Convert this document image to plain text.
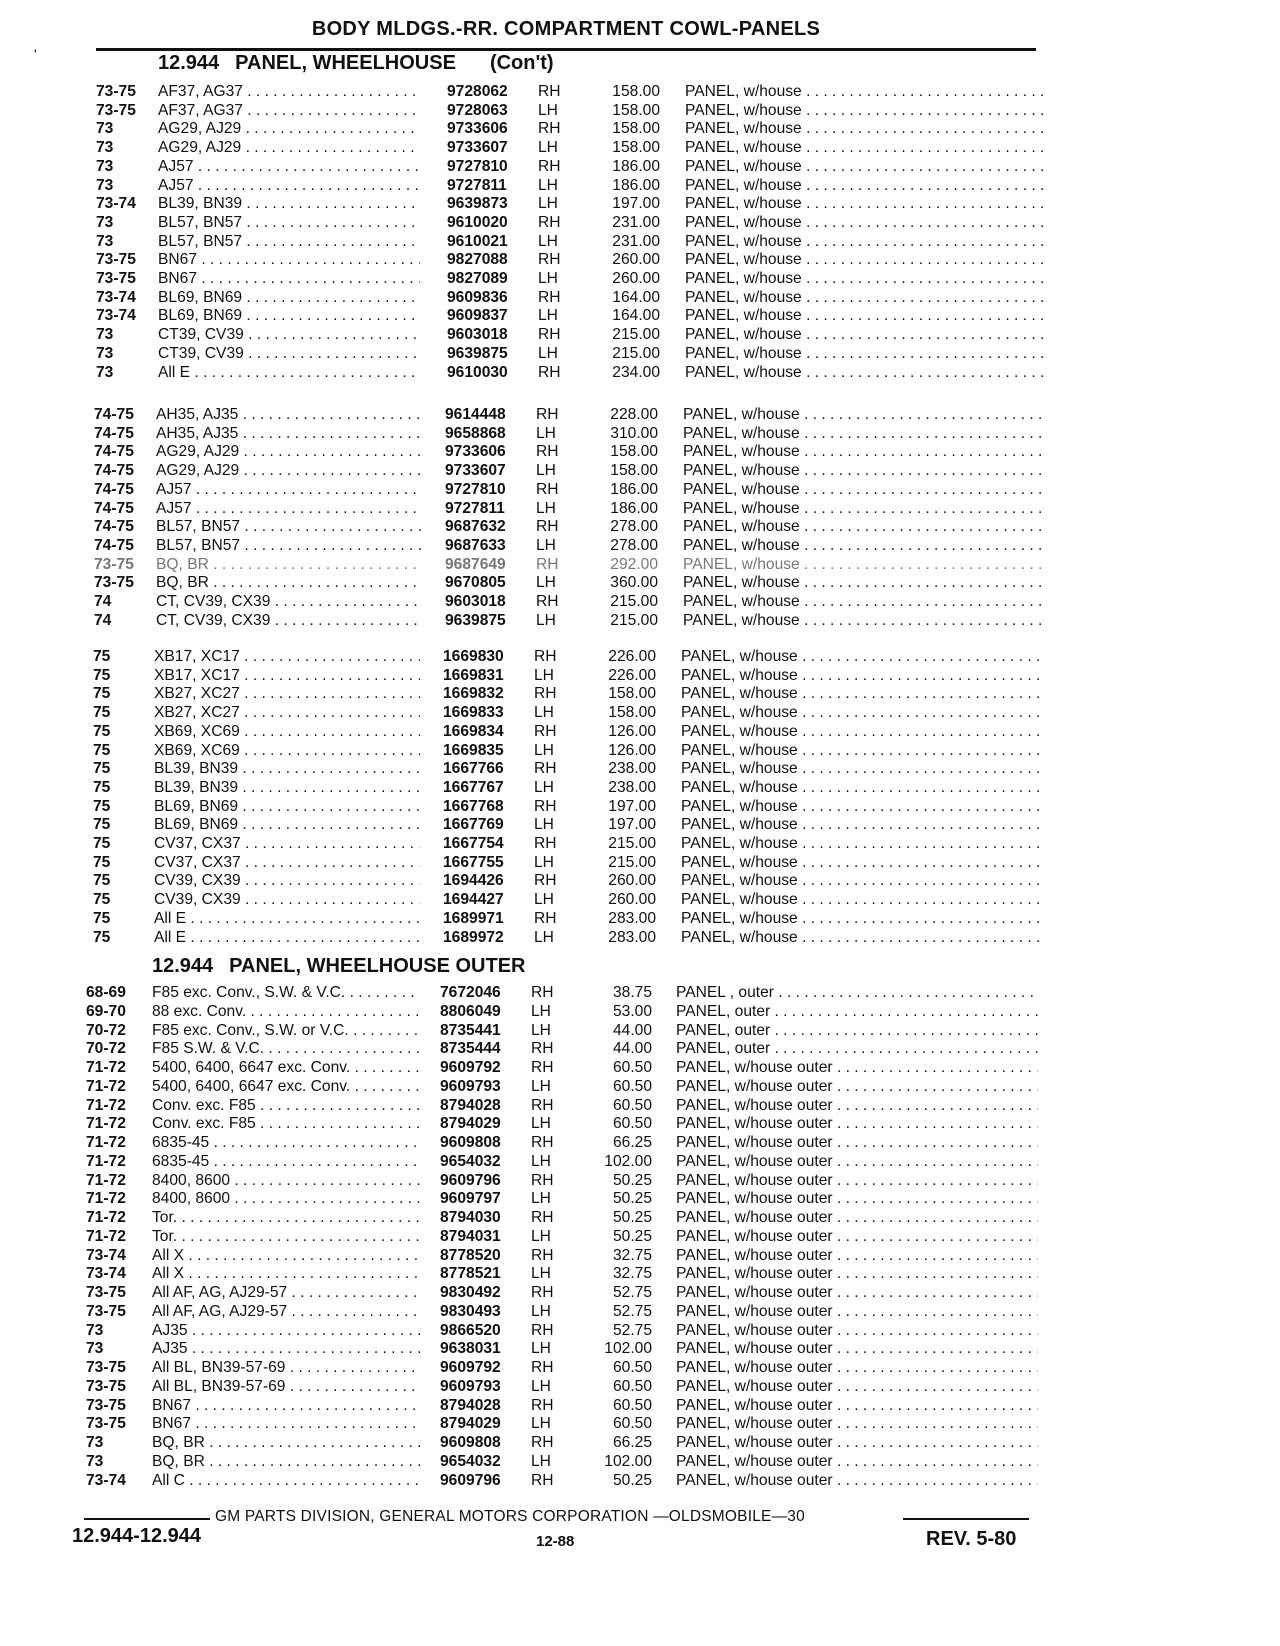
BODY MLDGS.-RR. COMPARTMENT COWL-PANELS
'	12.944 PANEL, WHEELHOUSE (Con't)
12.944 PANEL, WHEELHOUSE OUTER
73-75 AF37, AG37 . . .	9728062 RH	158.00 PANEL, w/house . . .
73-75 AF37, AG37 . . .	9728063 LH	158.00 PANEL, w/house . . .
73	AG29, AJ29 . . .	9733606 RH	158.00 PANEL, w/house . . .
73	AG29, AJ29 . . .	9733607 LH	158.00 PANEL, w/house . . .
73	AJ57 . . .	9727810 RH	186.00 PANEL, w/house . . .
73	AJ57 . . .	9727811 LH	186.00 PANEL, w/house . . .
73-74 BL39, BN39 . . .	9639873 LH	197.00 PANEL, w/house . . .
73	BL57, BN57 . . .	9610020 RH	231.00 PANEL, w/house . . .
73	BL57, BN57 . . .	9610021 LH	231.00 PANEL, w/house . . .
73-75 BN67 . . .	9827088 RH	260.00 PANEL, w/house . . .
73-75 BN67 . . .	9827089 LH	260.00 PANEL, w/house . . .
73-74 BL69, BN69 . . .	9609836 RH	164.00 PANEL, w/house . . .
73-74 BL69, BN69 . . .	9609837 LH	164.00 PANEL, w/house . . .
73	CT39, CV39 . . .	9603018 RH	215.00 PANEL, w/house . . .
73	CT39, CV39 . . .	9639875 LH	215.00 PANEL, w/house . . .
73	All E . . .	9610030 RH	234.00 PANEL, w/house . . .
74-75 AH35, AJ35 . . .	9614448 RH	228.00 PANEL, w/house . . .
74-75 AH35, AJ35 . . .	9658868 LH	310.00 PANEL, w/house . . .
74-75 AG29, AJ29 . . .	9733606 RH	158.00 PANEL, w/house . . .
74-75 AG29, AJ29 . . .	9733607 LH	158.00 PANEL, w/house . . .
74-75 AJ57 . . .	9727810 RH	186.00 PANEL, w/house . . .
74-75 AJ57 . . .	9727811 LH	186.00 PANEL, w/house . . .
74-75 BL57, BN57 . . .	9687632 RH	278.00 PANEL, w/house . . .
74-75 BL57, BN57 . . .	9687633 LH	278.00 PANEL, w/house . . .
73-75 BQ, BR . . .	9687649 RH	292.00 PANEL, w/house . . .
73-75 BQ, BR . . .	9670805 LH	360.00 PANEL, w/house . . .
74	CT, CV39, CX39 . . .	9603018 RH	215.00 PANEL, w/house . . .
74	CT, CV39, CX39 . . .	9639875 LH	215.00 PANEL, w/house . . .
75	XB17, XC17 . . .	1669830 RH	226.00 PANEL, w/house . . .
75	XB17, XC17 . . .	1669831 LH	226.00 PANEL, w/house . . .
75	XB27, XC27 . . .	1669832 RH	158.00 PANEL, w/house . . .
75	XB27, XC27 . . .	1669833 LH	158.00 PANEL, w/house . . .
75	XB69, XC69 . . .	1669834 RH	126.00 PANEL, w/house . . .
75	XB69, XC69 . . .	1669835 LH	126.00 PANEL, w/house . . .
75	BL39, BN39 . . .	1667766 RH	238.00 PANEL, w/house . . .
75	BL39, BN39 . . .	1667767 LH	238.00 PANEL, w/house . . .
75	BL69, BN69 . . .	1667768 RH	197.00 PANEL, w/house . . .
75	BL69, BN69 . . .	1667769 LH	197.00 PANEL, w/house . . .
75	CV37, CX37 . . .	1667754 RH	215.00 PANEL, w/house . . .
75	CV37, CX37 . . .	1667755 LH	215.00 PANEL, w/house . . .
75	CV39, CX39 . . .	1694426 RH	260.00 PANEL, w/house . . .
75	CV39, CX39 . . .	1694427 LH	260.00 PANEL, w/house . . .
75	All E . . .	1689971 RH	283.00 PANEL, w/house . . .
75	All E . . .	1689972 LH	283.00 PANEL, w/house . . .
68-69 F85 exc. Conv., S.W. & V.C. . . .	7672046 RH	38.75 PANEL , outer . . .
69-70 88 exc. Conv. . . .	8806049 LH	53.00 PANEL, outer . . .
70-72 F85 exc. Conv., S.W. or V.C. . . .	8735441 LH	44.00 PANEL, outer . . .
70-72 F85 S.W. & V.C. . . .	8735444 RH	44.00 PANEL, outer . . .
71-72 5400, 6400, 6647 exc. Conv. . . .	9609792 RH	60.50 PANEL, w/house outer . . .
71-72 5400, 6400, 6647 exc. Conv. . . .	9609793 LH	60.50 PANEL, w/house outer . . .
71-72 Conv. exc. F85 . . .	8794028 RH	60.50 PANEL, w/house outer . . .
71-72 Conv. exc. F85 . . .	8794029 LH	60.50 PANEL, w/house outer . . .
71-72 6835-45 . . .	9609808 RH	66.25 PANEL, w/house outer . . .
71-72 6835-45 . . .	9654032 LH	102.00 PANEL, w/house outer . . .
71-72 8400, 8600 . . .	9609796 RH	50.25 PANEL, w/house outer . . .
71-72 8400, 8600 . . .	9609797 LH	50.25 PANEL, w/house outer . . .
71-72 Tor. . . .	8794030 RH	50.25 PANEL, w/house outer . . .
71-72 Tor. . . .	8794031 LH	50.25 PANEL, w/house outer . . .
73-74 All X . . .	8778520 RH	32.75 PANEL, w/house outer . . .
73-74 All X . . .	8778521 LH	32.75 PANEL, w/house outer . . .
73-75 All AF, AG, AJ29-57 . . .	9830492 RH	52.75 PANEL, w/house outer . . .
73-75 All AF, AG, AJ29-57 . . .	9830493 LH	52.75 PANEL, w/house outer . . .
73	AJ35 . . .	9866520 RH	52.75 PANEL, w/house outer . . .
73	AJ35 . . .	9638031 LH	102.00 PANEL, w/house outer . . .
73-75 All BL, BN39-57-69 . . .	9609792 RH	60.50 PANEL, w/house outer . . .
73-75 All BL, BN39-57-69 . . .	9609793 LH	60.50 PANEL, w/house outer . . .
73-75 BN67 . . .	8794028 RH	60.50 PANEL, w/house outer . . .
73-75 BN67 . . .	8794029 LH	60.50 PANEL, w/house outer . . .
73	BQ, BR . . .	9609808 RH	66.25 PANEL, w/house outer . . .
73	BQ, BR . . .	9654032 LH	102.00 PANEL, w/house outer . . .
73-74 All C . . .	9609796 RH	50.25 PANEL, w/house outer . . .
GM PARTS DIVISION, GENERAL MOTORS CORPORATION —OLDSMOBILE—30
12.944-12.944	12-88	REV. 5-80
